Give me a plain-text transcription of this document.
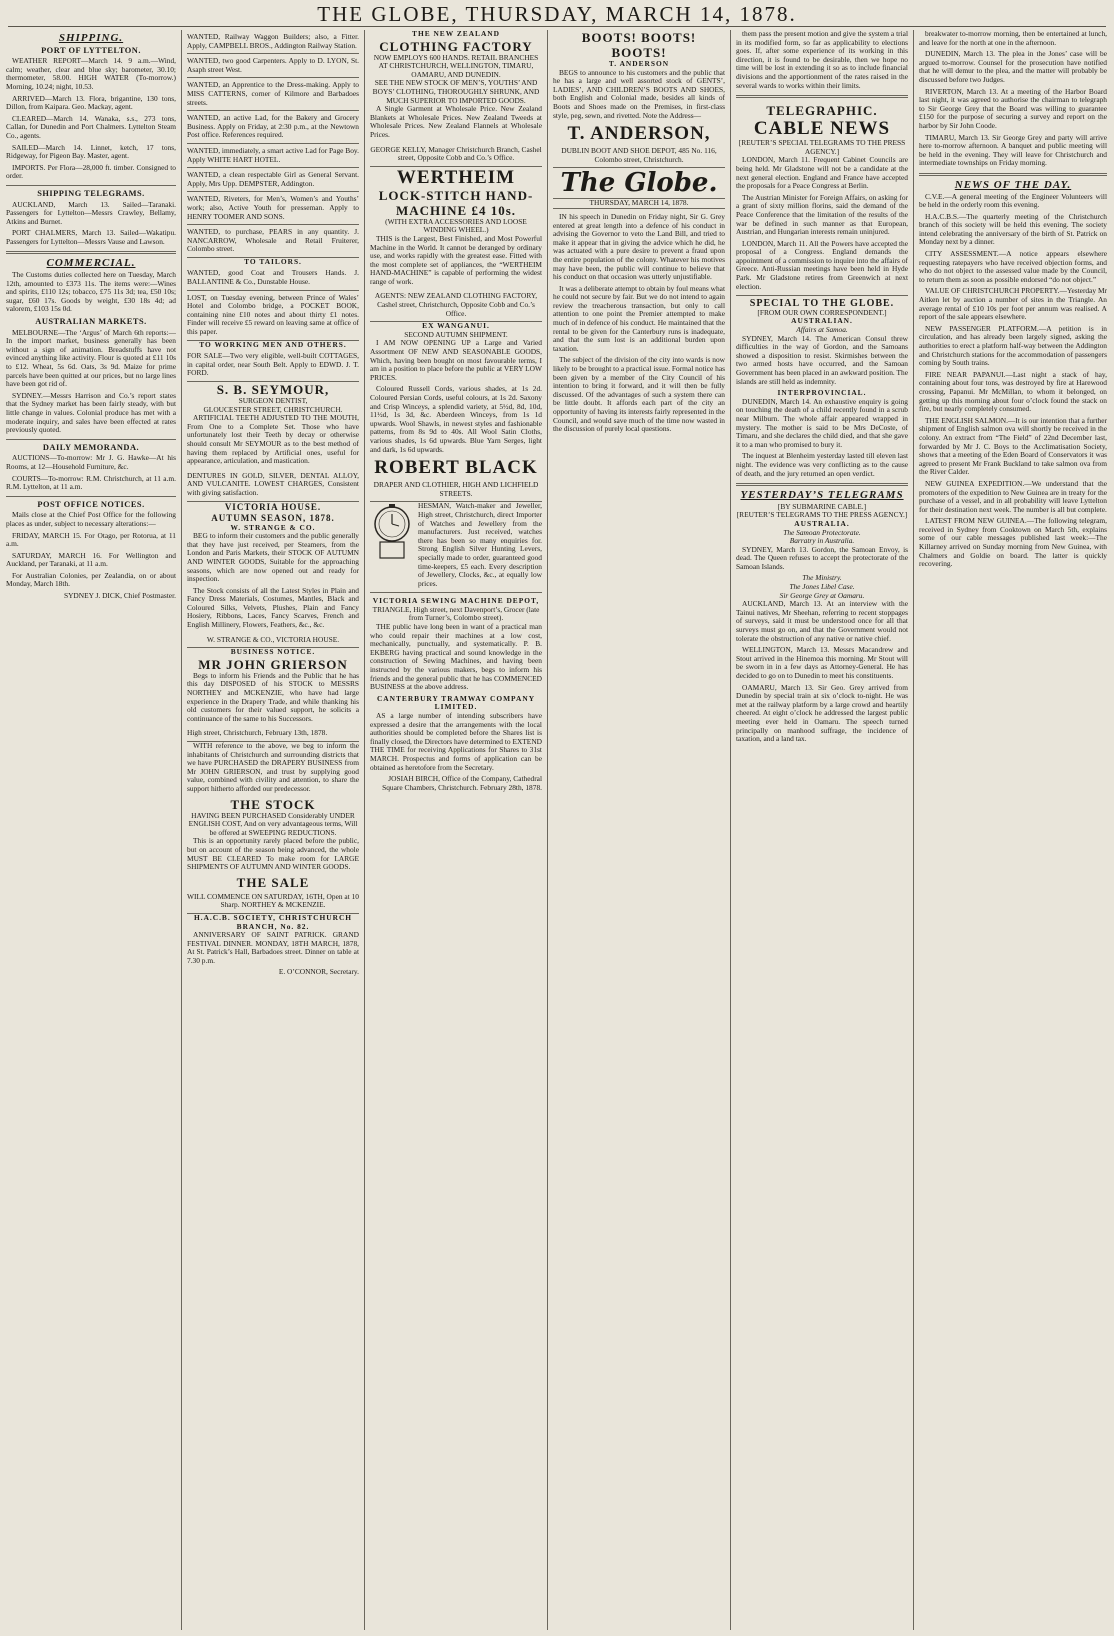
THE GLOBE, THURSDAY, MARCH 14, 1878.
SHIPPING.
PORT OF LYTTELTON.

WEATHER REPORT—March 14. 9 a.m.—Wind, calm; weather, clear and blue sky; barometer, 30.10; thermometer, 58.00. HIGH WATER (To-morrow.) Morning, 10.24; night, 10.53.

ARRIVED—March 13. Flora, brigantine, 130 tons, Dillon, from Kaipara. Geo. Mackay, agent.

CLEARED—March 14. Wanaka, s.s., 273 tons, Callan, for Dunedin and Port Chalmers. Lyttelton Steam Co., agents.

SAILED—March 14. Linnet, ketch, 17 tons, Ridgeway, for Pigeon Bay. Master, agent.

IMPORTS. Per Flora—28,000 ft. timber. Consigned to order.

SHIPPING TELEGRAMS.

AUCKLAND, March 13. Sailed—Taranaki. Passengers for Lyttelton—Messrs Crawley, Bellamy, Atkins and Burnet.

PORT CHALMERS, March 13. Sailed—Wakatipu. Passengers for Lyttelton—Messrs Vause and Lawson.

COMMERCIAL.

The Customs duties collected here on Tuesday, March 12th, amounted to £373 11s. The items were:—Wines and spirits, £110 12s; tobacco, £75 11s 3d; tea, £50 10s; sugar, £60 17s. Goods by weight, £30 18s 4d; ad valorem, £103 15s 0d.

AUSTRALIAN MARKETS.

MELBOURNE—The ‘Argus’ of March 6th reports:—In the import market, business generally has been without a sign of animation. Breadstuffs have not evinced anything like activity. Flour is quoted at £11 10s to £12. Wheat, 5s 6d. Oats, 3s 9d. Maize for prime parcels have been quitted at our prices, but no large lines have been got rid of.

SYDNEY.—Messrs Harrison and Co.’s report states that the Sydney market has been fairly steady, with but little change in values. Colonial produce has met with a moderate inquiry, and sales have been effected at rates previously quoted.

DAILY MEMORANDA.

AUCTIONS—To-morrow: Mr J. G. Hawke—At his Rooms, at 12—Household Furniture, &c.

COURTS—To-morrow: R.M. Christchurch, at 11 a.m. R.M. Lyttelton, at 11 a.m.

POST OFFICE NOTICES.

Mails close at the Chief Post Office for the following places as under, subject to necessary alterations:—

FRIDAY, MARCH 15. For Otago, per Rotorua, at 11 a.m.

SATURDAY, MARCH 16. For Wellington and Auckland, per Taranaki, at 11 a.m.

For Australian Colonies, per Zealandia, on or about Monday, March 18th.

SYDNEY J. DICK, Chief Postmaster.

WANTED, Railway Waggon Builders; also, a Fitter. Apply, CAMPBELL BROS., Addington Railway Station.
WANTED, two good Carpenters. Apply to D. LYON, St. Asaph street West.
WANTED, an Apprentice to the Dress-making. Apply to MISS CATTERNS, corner of Kilmore and Barbadoes streets.
WANTED, an active Lad, for the Bakery and Grocery Business. Apply on Friday, at 2:30 p.m., at the Newtown Post office. References required.
WANTED, immediately, a smart active Lad for Page Boy. Apply WHITE HART HOTEL.
WANTED, a clean respectable Girl as General Servant. Apply, Mrs Upp. DEMPSTER, Addington.
WANTED, Riveters, for Men’s, Women’s and Youths’ work; also, Active Youth for presseman. Apply to HENRY TOOMER AND SONS.
WANTED, to purchase, PEARS in any quantity. J. NANCARROW, Wholesale and Retail Fruiterer, Colombo street.
TO TAILORS.
WANTED, good Coat and Trousers Hands. J. BALLANTINE & Co., Dunstable House.
LOST, on Tuesday evening, between Prince of Wales’ Hotel and Colombo bridge, a POCKET BOOK, containing nine £10 notes and about thirty £1 notes. Finder will receive £5 reward on leaving same at office of this paper.
TO WORKING MEN AND OTHERS.
FOR SALE—Two very eligible, well-built COTTAGES, in capital order, near South Belt. Apply to EDWD. J. T. FORD.
S. B. SEYMOUR,
SURGEON DENTIST,
GLOUCESTER STREET, CHRISTCHURCH.

ARTIFICIAL TEETH ADJUSTED TO THE MOUTH, From One to a Complete Set. Those who have unfortunately lost their Teeth by decay or otherwise should consult Mr SEYMOUR as to the best method of having them replaced by Artificial ones, useful for appearance, articulation, and mastication.

DENTURES IN GOLD, SILVER, DENTAL ALLOY, AND VULCANITE. LOWEST CHARGES, Consistent with giving satisfaction.
VICTORIA HOUSE.
AUTUMN SEASON, 1878.
W. STRANGE & CO.

BEG to inform their customers and the public generally that they have just received, per Steamers, from the London and Paris Markets, their STOCK OF AUTUMN AND WINTER GOODS, Suitable for the approaching seasons, which are now opened out and ready for inspection.

The Stock consists of all the Latest Styles in Plain and Fancy Dress Materials, Costumes, Mantles, Black and Coloured Silks, Velvets, Plushes, Plain and Fancy Hosiery, Ribbons, Laces, Fancy Scarves, French and English Millinery, Flowers, Feathers, &c., &c.

W. STRANGE & CO., VICTORIA HOUSE.
BUSINESS NOTICE.
MR JOHN GRIERSON

Begs to inform his Friends and the Public that he has this day DISPOSED of his STOCK to MESSRS NORTHEY and MCKENZIE, who have had large experience in the Drapery Trade, and while thanking his old customers for their valued support, he solicits a continuance of the same to his Successors.

High street, Christchurch, February 13th, 1878.

WITH reference to the above, we beg to inform the inhabitants of Christchurch and surrounding districts that we have PURCHASED the DRAPERY BUSINESS from Mr JOHN GRIERSON, and trust by supplying good value, combined with civility and attention, to share the support hitherto afforded our predecessor.

THE STOCK
HAVING BEEN PURCHASED Considerably UNDER ENGLISH COST, And on very advantageous terms, Will be offered at SWEEPING REDUCTIONS.

This is an opportunity rarely placed before the public, but on account of the season being advanced, the whole MUST BE CLEARED To make room for LARGE SHIPMENTS OF AUTUMN AND WINTER GOODS.

THE SALE
WILL COMMENCE ON SATURDAY, 16TH, Open at 10 Sharp. NORTHEY & MCKENZIE.
H.A.C.B. SOCIETY, CHRISTCHURCH BRANCH, No. 82.

ANNIVERSARY OF SAINT PATRICK. GRAND FESTIVAL DINNER. MONDAY, 18TH MARCH, 1878, At St. Patrick’s Hall, Barbadoes street. Dinner on table at 7.30 p.m.

E. O’CONNOR, Secretary.
THE NEW ZEALAND
CLOTHING FACTORY
NOW EMPLOYS 600 HANDS. RETAIL BRANCHES AT CHRISTCHURCH, WELLINGTON, TIMARU, OAMARU, AND DUNEDIN.
SEE THE NEW STOCK OF MEN’S, YOUTHS’ AND BOYS’ CLOTHING, THOROUGHLY SHRUNK, AND MUCH SUPERIOR TO IMPORTED GOODS.

A Single Garment at Wholesale Price. New Zealand Blankets at Wholesale Prices. New Zealand Tweeds at Wholesale Prices. New Zealand Flannels at Wholesale Prices.

GEORGE KELLY, Manager Christchurch Branch, Cashel street, Opposite Cobb and Co.’s Office.
WERTHEIM
LOCK-STITCH HAND-MACHINE £4 10s.
(WITH EXTRA ACCESSORIES AND LOOSE WINDING WHEEL.)

THIS is the Largest, Best Finished, and Most Powerful Machine in the World. It cannot be deranged by ordinary use, and works rapidly with the greatest ease. Fitted with the most complete set of appliances, the “WERTHEIM HAND-MACHINE” is capable of performing the widest range of work.

AGENTS: NEW ZEALAND CLOTHING FACTORY, Cashel street, Christchurch, Opposite Cobb and Co.’s Office.
EX WANGANUI.
SECOND AUTUMN SHIPMENT.

I AM NOW OPENING UP a Large and Varied Assortment OF NEW AND SEASONABLE GOODS, Which, having been bought on most favourable terms, I am in a position to place before the public at VERY LOW PRICES.

Coloured Russell Cords, various shades, at 1s 2d. Coloured Persian Cords, useful colours, at 1s 2d. Saxony and Crisp Winceys, a splendid variety, at 5½d, 8d, 10d, 11½d, 1s 3d, &c. Aberdeen Winceys, from 1s 1d upwards. Wool Shawls, in newest styles and fashionable patterns, from 8s 9d to 40s. All Wool Satin Cloths, various shades, 1s 6d upwards. Blue Yarn Serges, light and dark, 1s 6d upwards.

ROBERT BLACK
DRAPER AND CLOTHIER, HIGH AND LICHFIELD STREETS.
HESMAN, Watch-maker and Jeweller, High street, Christchurch, direct Importer of Watches and Jewellery from the manufacturers. Just received, watches there has been so many enquiries for. Strong English Silver Hunting Levers, specially made to order, guaranteed good time-keepers, £5 each. Every description of Jewellery, Clocks, &c., at equally low prices.
VICTORIA SEWING MACHINE DEPOT,
TRIANGLE, High street, next Davenport’s, Grocer (late from Turner’s, Colombo street).

THE public have long been in want of a practical man who could repair their machines at a low cost, mechanically, punctually, and systematically. P. B. EKBERG having practical and sound knowledge in the construction of Sewing Machines, and having been instructed by the various makers, begs to inform his friends and the general public that he has COMMENCED BUSINESS at the above address.

CANTERBURY TRAMWAY COMPANY LIMITED.

AS a large number of intending subscribers have expressed a desire that the arrangements with the local authorities should be completed before the Shares list is finally closed, the Directors have determined to EXTEND THE TIME for receiving Applications for Shares to 31st MARCH. Prospectus and forms of application can be obtained as heretofore from the Secretary.

JOSIAH BIRCH, Office of the Company, Cathedral Square Chambers, Christchurch. February 28th, 1878.
BOOTS! BOOTS! BOOTS!
T. ANDERSON

BEGS to announce to his customers and the public that he has a large and well assorted stock of GENTS’, LADIES’, AND CHILDREN’S BOOTS AND SHOES, both English and Colonial made, besides all kinds of Boots and Shoes made on the Premises, in first-class style, peg, sewn, and rivetted. Note the Address—

T. ANDERSON,
DUBLIN BOOT AND SHOE DEPOT, 485 No. 116, Colombo street, Christchurch.
The Globe.
THURSDAY, MARCH 14, 1878.

IN his speech in Dunedin on Friday night, Sir G. Grey entered at great length into a defence of his conduct in advising the Governor to veto the Land Bill, and tried to make it appear that in giving the advice which he did, he was actuated with a pure desire to prevent a fraud upon the entire population of the colony. Whatever his motives may have been, the public will continue to believe that his conduct on that occasion was utterly unjustifiable.

It was a deliberate attempt to obtain by foul means what he could not secure by fair. But we do not intend to again review the treacherous transaction, but only to call attention to one point the Premier attempted to make much of in defence of his conduct. He maintained that the rental to be given for the Canterbury runs is inadequate, and that the sum lost is an additional burden upon taxation.

The subject of the division of the city into wards is now likely to be brought to a practical issue. Formal notice has been given by a member of the City Council of his intention to bring it forward, and it will then be fully discussed. Of the advantages of such a system there can be little doubt. It affords each part of the city an opportunity of having its interests fairly represented in the Council, and would save much of the time now wasted in the discussion of purely local questions.

them pass the present motion and give the system a trial in its modified form, so far as applicability to elections goes. If, after some experience of its working in this direction, it is found to be desirable, then we hope no time will be lost in extending it so as to include financial divisions and the apportionment of the rates raised in the several wards to works within their limits.

TELEGRAPHIC.
CABLE NEWS
[REUTER’S SPECIAL TELEGRAMS TO THE PRESS AGENCY.]

LONDON, March 11. Frequent Cabinet Councils are being held. Mr Gladstone will not be a candidate at the next general election. England and France have accepted the proposals for a Peace Congress at Berlin.

The Austrian Minister for Foreign Affairs, on asking for a grant of sixty million florins, said the demand of the Peace Conference that the limitation of the results of the war be defined in such manner as that European, Austrian, and Hungarian interests remain uninjured.

LONDON, March 11. All the Powers have accepted the proposal of a Congress. England demands the appointment of a commission to inquire into the affairs of Greece. Anti-Russian meetings have been held in Hyde Park. Mr Gladstone retires from Greenwich at next election.

SPECIAL TO THE GLOBE.
[FROM OUR OWN CORRESPONDENT.]
AUSTRALIAN.
Affairs at Samoa.

SYDNEY, March 14. The American Consul threw difficulties in the way of Gordon, and the Samoans showed a disposition to resist. Skirmishes between the two armed hosts have occurred, and the Samoan Government has been placed in an awkward position. The islands are still held as indemnity.

INTERPROVINCIAL.

DUNEDIN, March 14. An exhaustive enquiry is going on touching the death of a child recently found in a scrub near Milburn. The whole affair appeared wrapped in mystery. The mother is said to be Mrs DeCoste, of Timaru, and she declares the child died, and that she gave it to a man who promised to bury it.

The inquest at Blenheim yesterday lasted till eleven last night. The evidence was very conflicting as to the cause of death, and the jury returned an open verdict.

YESTERDAY’S TELEGRAMS
[BY SUBMARINE CABLE.]
[REUTER’S TELEGRAMS TO THE PRESS AGENCY.]
AUSTRALIA.
The Samoan Protectorate.
Barratry in Australia.

SYDNEY, March 13. Gordon, the Samoan Envoy, is dead. The Queen refuses to accept the protectorate of the Samoan Islands.

The Ministry.
The Jones Libel Case.
Sir George Grey at Oamaru.

AUCKLAND, March 13. At an interview with the Tainui natives, Mr Sheehan, referring to recent stoppages of surveys, said it must be understood once for all that surveys must go on, and that the Government would not tolerate the obstruction of any native or native chief.

WELLINGTON, March 13. Messrs Macandrew and Stout arrived in the Hinemoa this morning. Mr Stout will be sworn in in a few days as Attorney-General. He has decided to go on to Dunedin to meet his constituents.

OAMARU, March 13. Sir Geo. Grey arrived from Dunedin by special train at six o’clock to-night. He was met at the railway platform by a large crowd and heartily cheered. At eight o’clock he addressed the largest public meeting ever held in Oamaru. The speech turned principally on manhood suffrage, the incidence of taxation, and a land tax.

breakwater to-morrow morning, then be entertained at lunch, and leave for the north at one in the afternoon.

DUNEDIN, March 13. The plea in the Jones’ case will be argued to-morrow. Counsel for the prosecution have notified that he will demur to the plea, and the matter will probably be discussed before two Judges.

RIVERTON, March 13. At a meeting of the Harbor Board last night, it was agreed to authorise the chairman to telegraph to Sir George Grey that the Board was willing to guarantee £150 for the purpose of securing a survey and report on the harbor by Sir John Coode.

TIMARU, March 13. Sir George Grey and party will arrive here to-morrow afternoon. A banquet and public meeting will be held in the evening. They will leave for Christchurch and intermediate townships on Friday morning.

NEWS OF THE DAY.

C.V.E.—A general meeting of the Engineer Volunteers will be held in the orderly room this evening.

H.A.C.B.S.—The quarterly meeting of the Christchurch branch of this society will be held this evening. The society intend celebrating the anniversary of the birth of St. Patrick on Monday next by a dinner.

CITY ASSESSMENT.—A notice appears elsewhere requesting ratepayers who have received objection forms, and who do not object to the assessed value made by the Council, to return them as soon as possible endorsed “do not object.”

VALUE OF CHRISTCHURCH PROPERTY.—Yesterday Mr Aitken let by auction a number of sites in the Triangle. An average rental of £10 10s per foot per annum was realised. A report of the sale appears elsewhere.

NEW PASSENGER PLATFORM.—A petition is in circulation, and has already been largely signed, asking the authorities to erect a platform half-way between the Addington and Christchurch stations for the accommodation of passengers coming by South trains.

FIRE NEAR PAPANUI.—Last night a stack of hay, containing about four tons, was destroyed by fire at Harewood crossing, Papanui. Mr McMillan, to whom it belonged, on getting up this morning about four o’clock found the stack on fire, but nearly completely consumed.

THE ENGLISH SALMON.—It is our intention that a further shipment of English salmon ova will shortly be received in the colony. An extract from “The Field” of 22nd December last, forwarded by Mr J. C. Boys to the Acclimatisation Society, shows that a meeting of the Eden Board of Conservators it was agreed to present Mr Frank Buckland to take salmon ova from the River Calder.

NEW GUINEA EXPEDITION.—We understand that the promoters of the expedition to New Guinea are in treaty for the purchase of a vessel, and in all probability will leave Lyttelton for their destination next week. The number is all but complete.

LATEST FROM NEW GUINEA.—The following telegram, received in Sydney from Cooktown on March 5th, explains some of our cable messages published last week:—The Killarney arrived on Sunday morning from New Guinea, with Chalmers and Goldie on board. The latter is quickly recovering.
